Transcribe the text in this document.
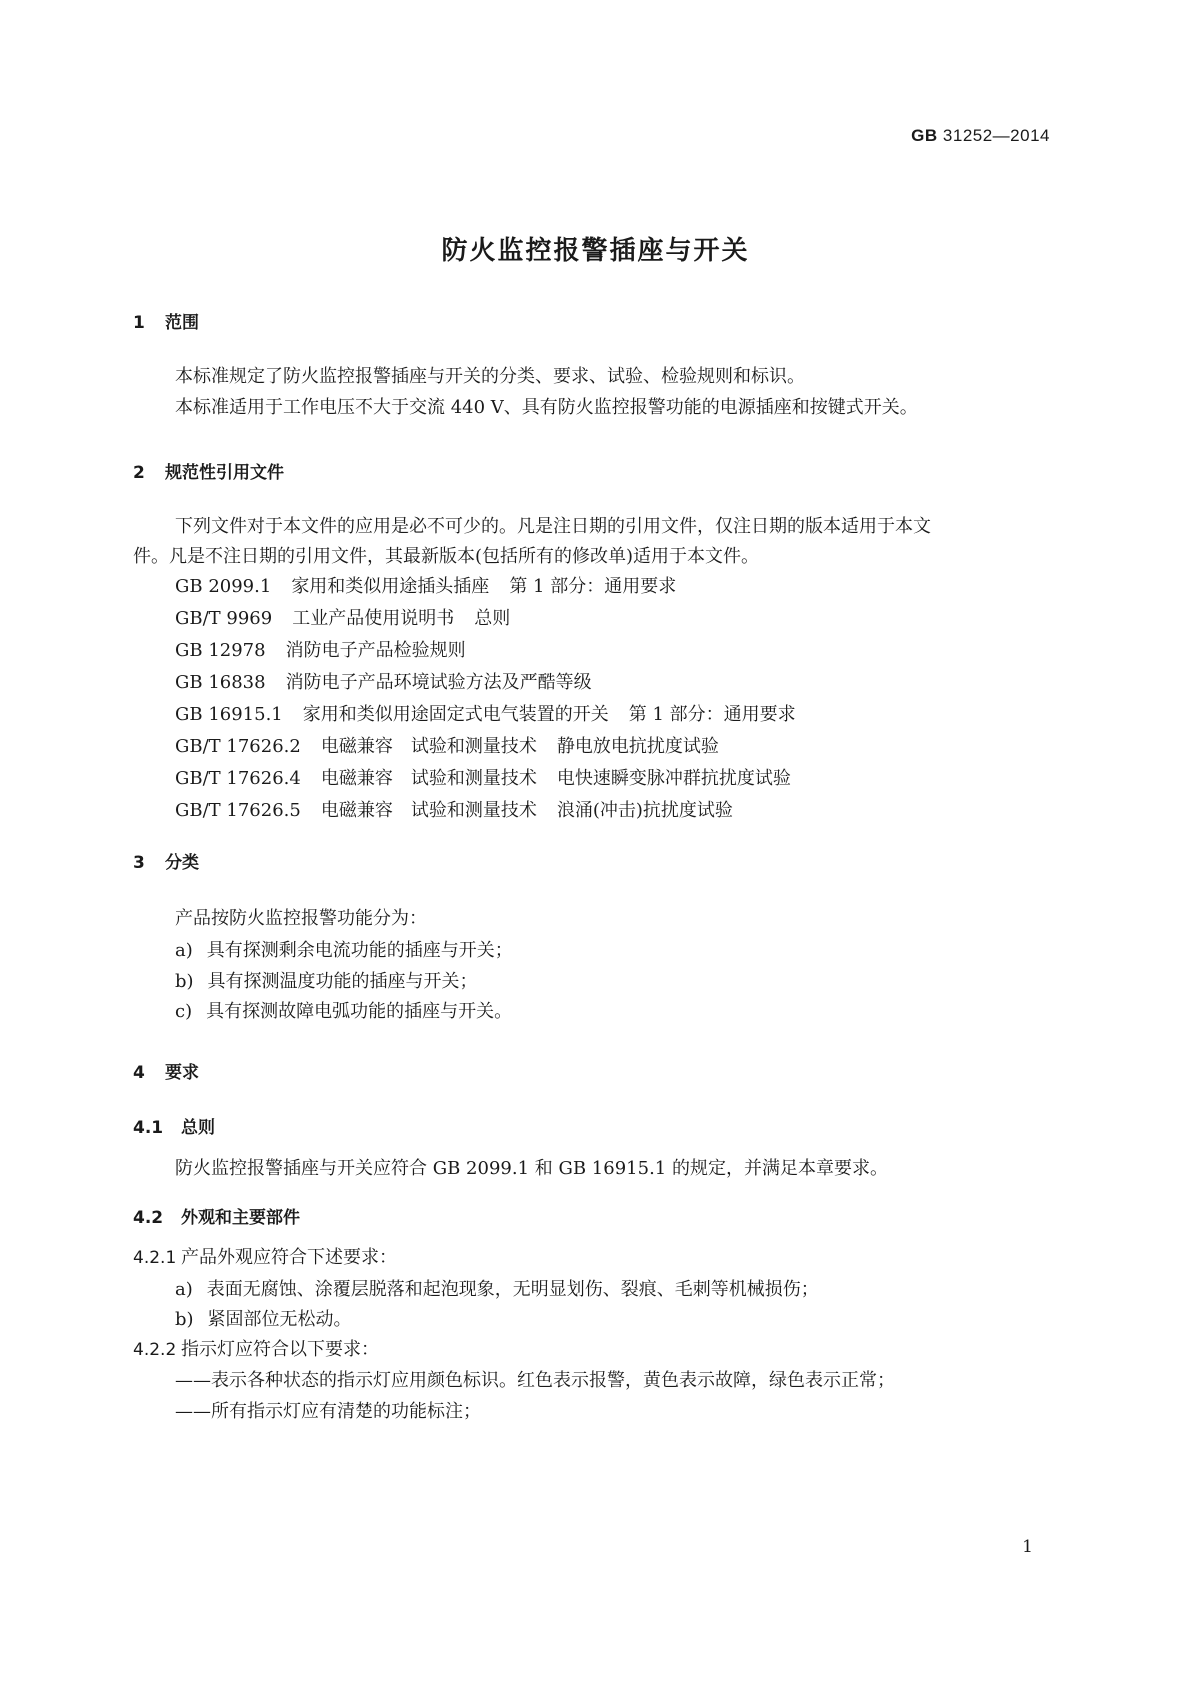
GB 31252—2014
防火监控报警插座与开关
1 范围
本标准规定了防火监控报警插座与开关的分类、要求、试验、检验规则和标识。
本标准适用于工作电压不大于交流 440 V、具有防火监控报警功能的电源插座和按键式开关。
2 规范性引用文件
下列文件对于本文件的应用是必不可少的。凡是注日期的引用文件，仅注日期的版本适用于本文
件。凡是不注日期的引用文件，其最新版本(包括所有的修改单)适用于本文件。
GB 2099.1 家用和类似用途插头插座 第 1 部分：通用要求
GB/T 9969 工业产品使用说明书 总则
GB 12978 消防电子产品检验规则
GB 16838 消防电子产品环境试验方法及严酷等级
GB 16915.1 家用和类似用途固定式电气装置的开关 第 1 部分：通用要求
GB/T 17626.2 电磁兼容　试验和测量技术 静电放电抗扰度试验
GB/T 17626.4 电磁兼容　试验和测量技术 电快速瞬变脉冲群抗扰度试验
GB/T 17626.5 电磁兼容　试验和测量技术 浪涌(冲击)抗扰度试验
3 分类
产品按防火监控报警功能分为：
a) 具有探测剩余电流功能的插座与开关；
b) 具有探测温度功能的插座与开关；
c) 具有探测故障电弧功能的插座与开关。
4 要求
4.1 总则
防火监控报警插座与开关应符合 GB 2099.1 和 GB 16915.1 的规定，并满足本章要求。
4.2 外观和主要部件
4.2.1 产品外观应符合下述要求：
a) 表面无腐蚀、涂覆层脱落和起泡现象，无明显划伤、裂痕、毛刺等机械损伤；
b) 紧固部位无松动。
4.2.2 指示灯应符合以下要求：
——表示各种状态的指示灯应用颜色标识。红色表示报警，黄色表示故障，绿色表示正常；
——所有指示灯应有清楚的功能标注；
1
